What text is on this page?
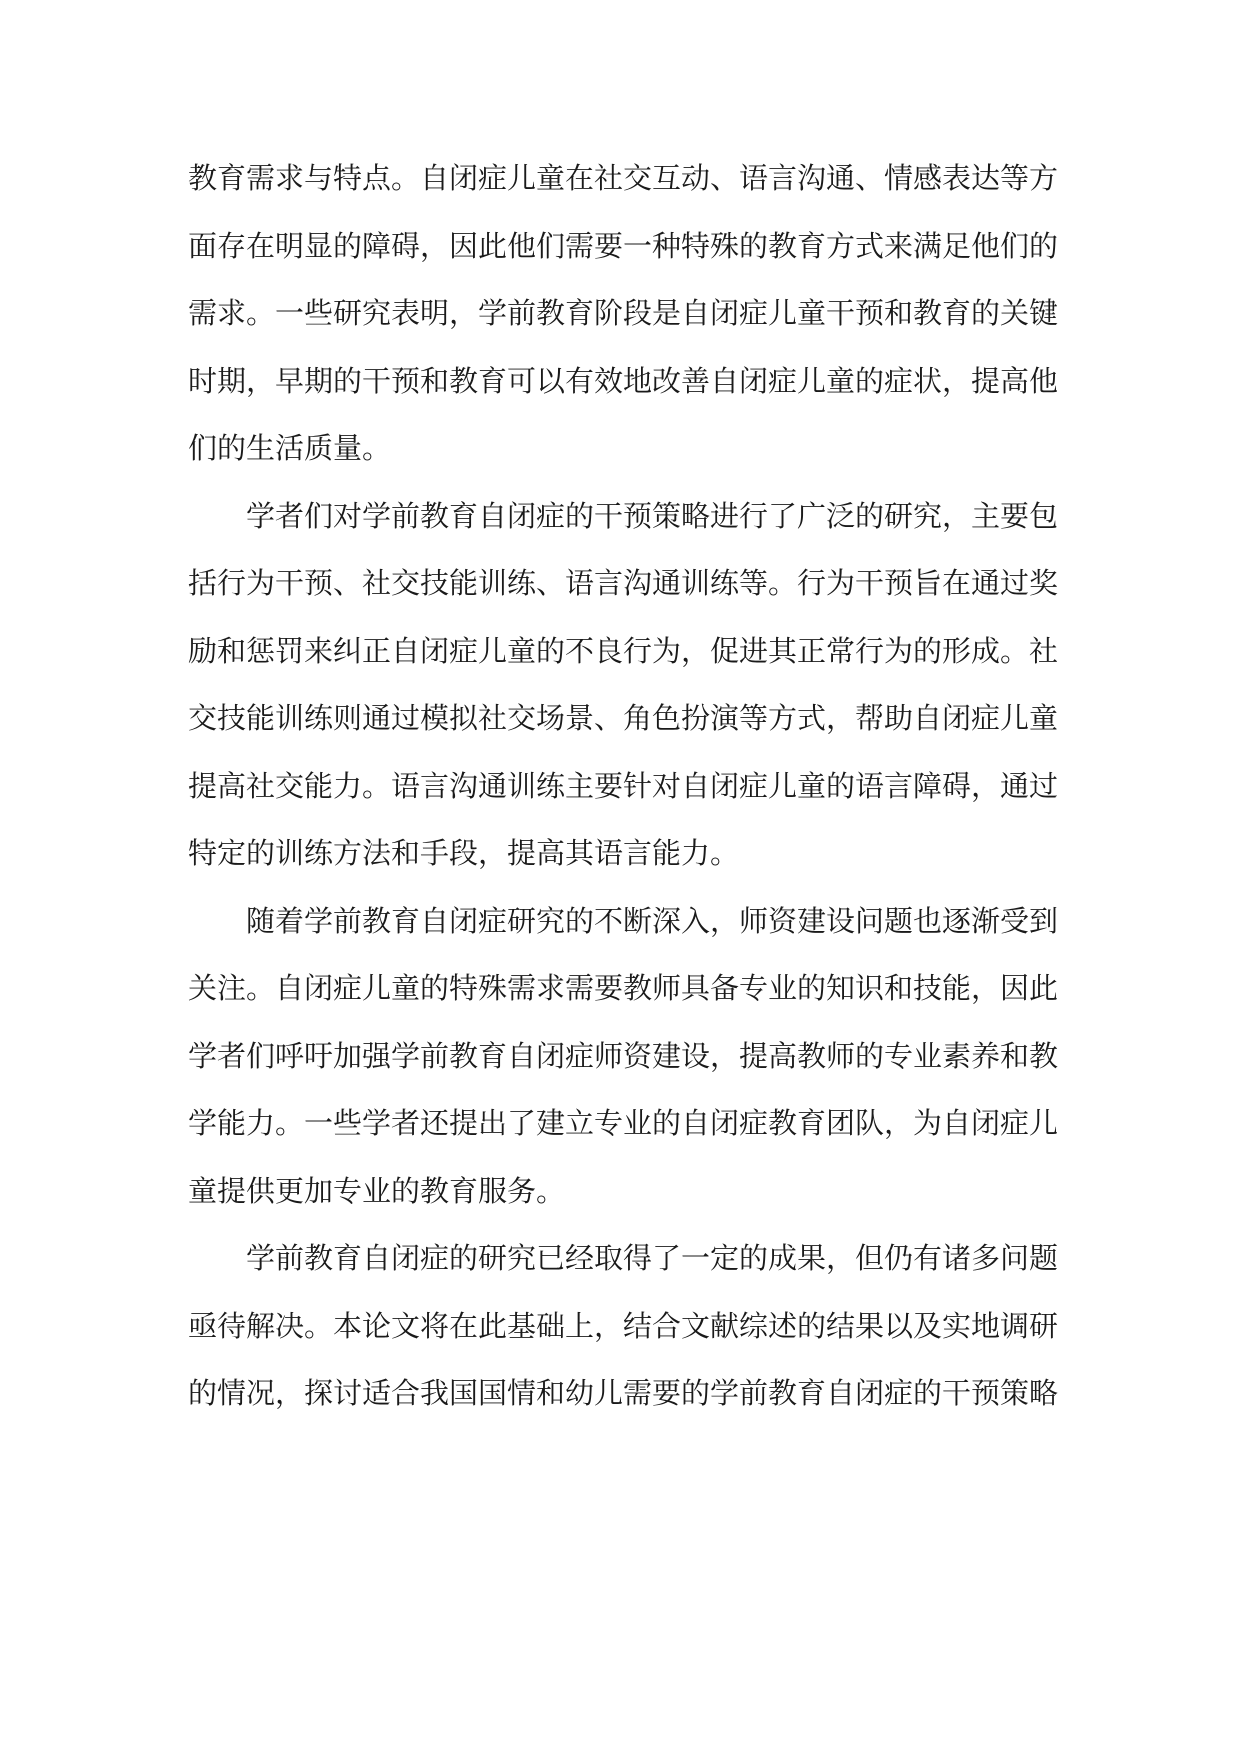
教育需求与特点。自闭症儿童在社交互动、语言沟通、情感表达等方面存在明显的障碍，因此他们需要一种特殊的教育方式来满足他们的需求。一些研究表明，学前教育阶段是自闭症儿童干预和教育的关键时期，早期的干预和教育可以有效地改善自闭症儿童的症状，提高他们的生活质量。

学者们对学前教育自闭症的干预策略进行了广泛的研究，主要包括行为干预、社交技能训练、语言沟通训练等。行为干预旨在通过奖励和惩罚来纠正自闭症儿童的不良行为，促进其正常行为的形成。社交技能训练则通过模拟社交场景、角色扮演等方式，帮助自闭症儿童提高社交能力。语言沟通训练主要针对自闭症儿童的语言障碍，通过特定的训练方法和手段，提高其语言能力。

随着学前教育自闭症研究的不断深入，师资建设问题也逐渐受到关注。自闭症儿童的特殊需求需要教师具备专业的知识和技能，因此学者们呼吁加强学前教育自闭症师资建设，提高教师的专业素养和教学能力。一些学者还提出了建立专业的自闭症教育团队，为自闭症儿童提供更加专业的教育服务。

学前教育自闭症的研究已经取得了一定的成果，但仍有诸多问题亟待解决。本论文将在此基础上，结合文献综述的结果以及实地调研的情况，探讨适合我国国情和幼儿需要的学前教育自闭症的干预策略
